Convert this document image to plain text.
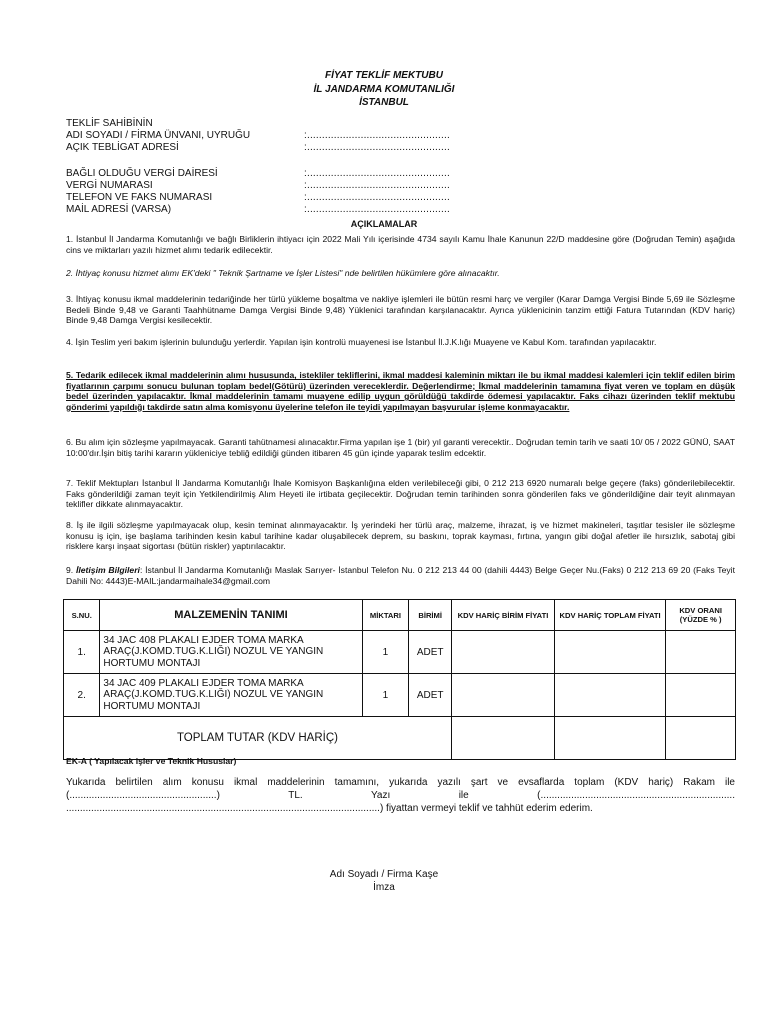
FİYAT TEKLİF MEKTUBU
İL JANDARMA KOMUTANLIĞI
İSTANBUL
TEKLİF SAHİBİNİN
ADI SOYADI / FİRMA ÜNVANI, UYRUĞU	:................................................
AÇIK TEBLİGAT ADRESİ	:................................................
BAĞLI OLDUĞU VERGİ DAİRESİ	:................................................
VERGİ NUMARASI	:................................................
TELEFON VE FAKS NUMARASI	:................................................
MAİL ADRESİ (VARSA)	:................................................
AÇIKLAMALAR
1. İstanbul İl Jandarma Komutanlığı ve bağlı Birliklerin ihtiyacı için 2022 Mali Yılı içerisinde 4734 sayılı Kamu İhale Kanunun 22/D maddesine göre (Doğrudan Temin) aşağıda cins ve miktarları yazılı hizmet alımı tedarik edilecektir.
2. İhtiyaç konusu hizmet alımı EK'deki " Teknik Şartname ve İşler Listesi" nde belirtilen hükümlere göre alınacaktır.
3. İhtiyaç konusu ikmal maddelerinin tedariğinde her türlü yükleme boşaltma ve nakliye işlemleri ile bütün resmi harç ve vergiler (Karar Damga Vergisi Binde 5,69 ile Sözleşme Bedeli Binde 9,48 ve Garanti Taahhütname Damga Vergisi Binde 9,48) Yüklenici tarafından karşılanacaktır. Ayrıca yüklenicinin tanzim ettiği Fatura Tutarından (KDV hariç) Binde 9,48 Damga Vergisi kesilecektir.
4. İşin Teslim yeri bakım işlerinin bulunduğu yerlerdir. Yapılan işin kontrolü muayenesi ise İstanbul İl.J.K.lığı Muayene ve Kabul Kom. tarafından yapılacaktır.
5. Tedarik edilecek ikmal maddelerinin alımı hususunda, istekliler tekliflerini, ikmal maddesi kaleminin miktarı ile bu ikmal maddesi kalemleri için teklif edilen birim fiyatlarının çarpımı sonucu bulunan toplam bedel(Götürü) üzerinden vereceklerdir. Değerlendirme; İkmal maddelerinin tamamına fiyat veren ve toplam en düşük bedel üzerinden yapılacaktır. İkmal maddelerinin tamamı muayene edilip uygun görüldüğü takdirde ödemesi yapılacaktır. Faks cihazı üzerinden teklif mektubu gönderimi yapıldığı takdirde satın alma komisyonu üyelerine telefon ile teyidi yapılmayan başvurular işleme konmayacaktır.
6. Bu alım için sözleşme yapılmayacak. Garanti tahütnamesi alınacaktır.Firma yapılan işe 1 (bir) yıl garanti verecektir.. Doğrudan temin tarih ve saati 10/ 05 / 2022 GÜNÜ, SAAT 10:00'dır.İşin bitiş tarihi kararın yükleniciye tebliğ edildiği günden itibaren 45 gün içinde yaparak teslim edcektir.
7. Teklif Mektupları İstanbul İl Jandarma Komutanlığı İhale Komisyon Başkanlığına elden verilebileceği gibi, 0 212 213 6920 numaralı belge geçere (faks) gönderilebilecektir. Faks gönderildiği zaman teyit için Yetkilendirilmiş Alım Heyeti ile irtibata geçilecektir. Doğrudan temin tarihinden sonra gönderilen faks ve gönderildiğine dair teyit alınmayan teklifler dikkate alınmayacaktır.
8. İş ile ilgili sözleşme yapılmayacak olup, kesin teminat alınmayacaktır. İş yerindeki her türlü araç, malzeme, ihrazat, iş ve hizmet makineleri, taşıtlar tesisler ile sözleşme konusu iş için, işe başlama tarihinden kesin kabul tarihine kadar oluşabilecek deprem, su baskını, toprak kayması, fırtına, yangın gibi doğal afetler ile hırsızlık, sabotaj gibi risklere karşı inşaat sigortası (bütün riskler) yaptırılacaktır.
9. İletişim Bilgileri: İstanbul İl Jandarma Komutanlığı Maslak Sarıyer- İstanbul Telefon Nu. 0 212 213 44 00 (dahili 4443) Belge Geçer Nu.(Faks) 0 212 213 69 20 (Faks Teyit Dahili No: 4443)E-MAIL:jandarmaihale34@gmail.com
S.NU.	MALZEMENİN TANIMI	MİKTARI	BİRİMİ	KDV HARİÇ BİRİM FİYATI	KDV HARİÇ TOPLAM FİYATI	KDV ORANI (YÜZDE % )
1.	34 JAC 408 PLAKALI EJDER TOMA MARKA ARAÇ(J.KOMD.TUG.K.LIĞI) NOZUL VE YANGIN HORTUMU MONTAJI	1	ADET			
2.	34 JAC 409 PLAKALI EJDER TOMA MARKA ARAÇ(J.KOMD.TUG.K.LIĞI) NOZUL VE YANGIN HORTUMU MONTAJI	1	ADET			
TOPLAM TUTAR (KDV HARİÇ)						
EK-A ( Yapılacak işler ve Teknik Hususlar)
Yukarıda belirtilen alım konusu ikmal maddelerinin tamamını, yukarıda yazılı şart ve evsaflarda toplam (KDV hariç) Rakam ile (.....................................................) TL. Yazı ile (...................................................................... .................................................................................................................) fiyattan vermeyi teklif ve tahhüt ederim ederim.
Adı Soyadı / Firma Kaşe
İmza
